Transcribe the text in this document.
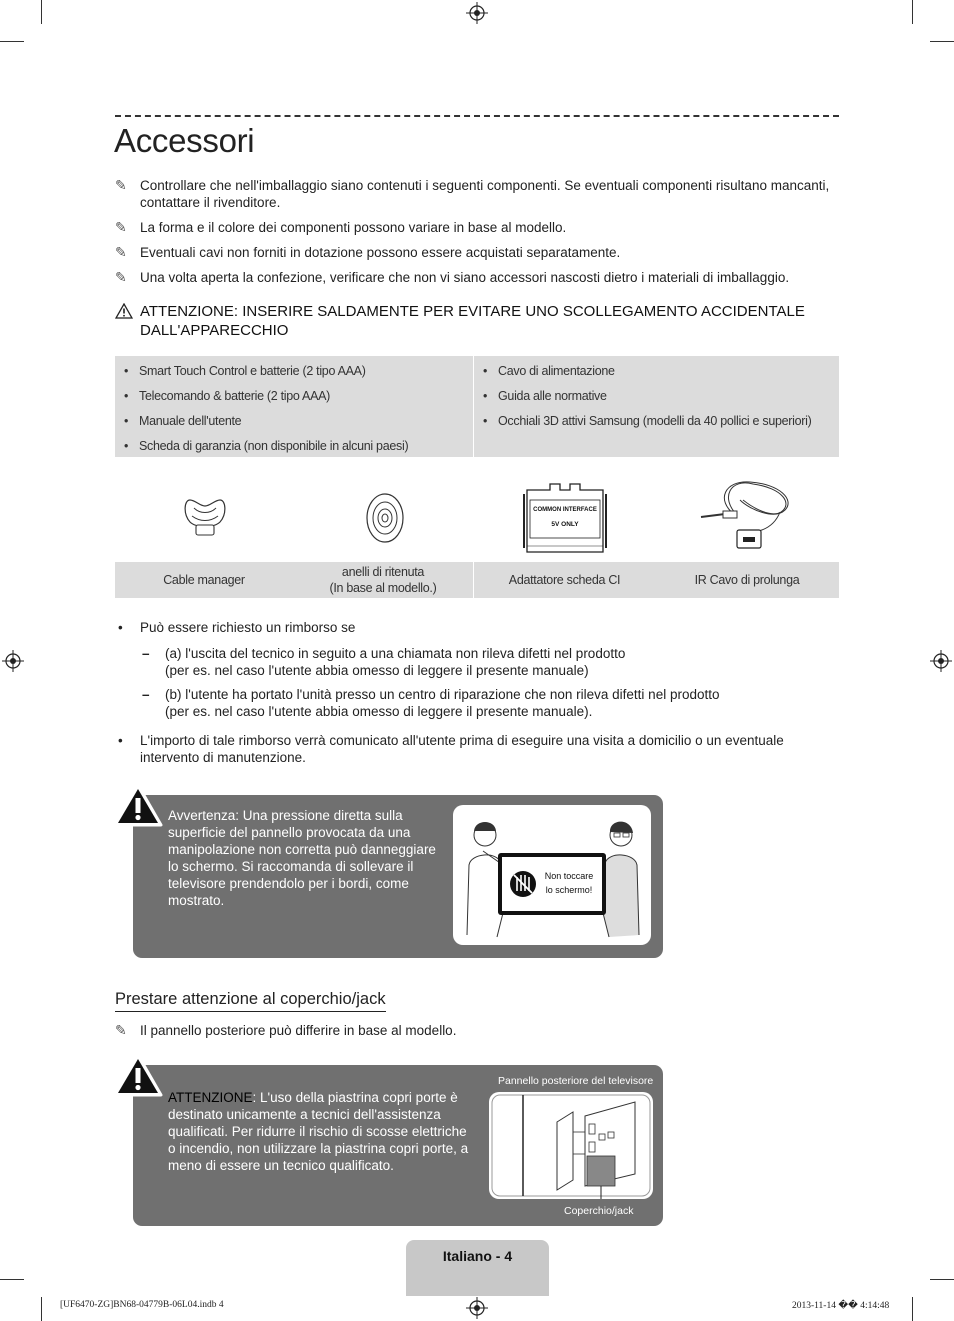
Accessori
✎ Controllare che nell'imballaggio siano contenuti i seguenti componenti. Se eventuali componenti risultano mancanti, contattare il rivenditore.
✎ La forma e il colore dei componenti possono variare in base al modello.
✎ Eventuali cavi non forniti in dotazione possono essere acquistati separatamente.
✎ Una volta aperta la confezione, verificare che non vi siano accessori nascosti dietro i materiali di imballaggio.
ATTENZIONE: INSERIRE SALDAMENTE PER EVITARE UNO SCOLLEGAMENTO ACCIDENTALE DALL'APPARECCHIO
• Smart Touch Control e batterie (2 tipo AAA)
• Telecomando & batterie (2 tipo AAA)
• Manuale dell'utente
• Scheda di garanzia (non disponibile in alcuni paesi)
• Cavo di alimentazione
• Guida alle normative
• Occhiali 3D attivi Samsung (modelli da 40 pollici e superiori)
COMMON INTERFACE
5V ONLY
Cable manager
anelli di ritenuta
(In base al modello.)
Adattatore scheda CI	IR Cavo di prolunga
• Può essere richiesto un rimborso se
– (a) l'uscita del tecnico in seguito a una chiamata non rileva difetti nel prodotto
(per es. nel caso l'utente abbia omesso di leggere il presente manuale)
– (b) l'utente ha portato l'unità presso un centro di riparazione che non rileva difetti nel prodotto
(per es. nel caso l'utente abbia omesso di leggere il presente manuale).
• L'importo di tale rimborso verrà comunicato all'utente prima di eseguire una visita a domicilio o un eventuale intervento di manutenzione.
Avvertenza: Una pressione diretta sulla superficie del pannello provocata da una manipolazione non corretta può danneggiare lo schermo. Si raccomanda di sollevare il televisore prendendolo per i bordi, come mostrato.
Non toccare
lo schermo!
Prestare attenzione al coperchio/jack
✎ Il pannello posteriore può differire in base al modello.
ATTENZIONE: L'uso della piastrina copri porte è destinato unicamente a tecnici dell'assistenza qualificati. Per ridurre il rischio di scosse elettriche o incendio, non utilizzare la piastrina copri porte, a meno di essere un tecnico qualificato.
Pannello posteriore del televisore
Coperchio/jack
Italiano - 4
[UF6470-ZG]BN68-04779B-06L04.indb 4	2013-11-14 �� 4:14:48
